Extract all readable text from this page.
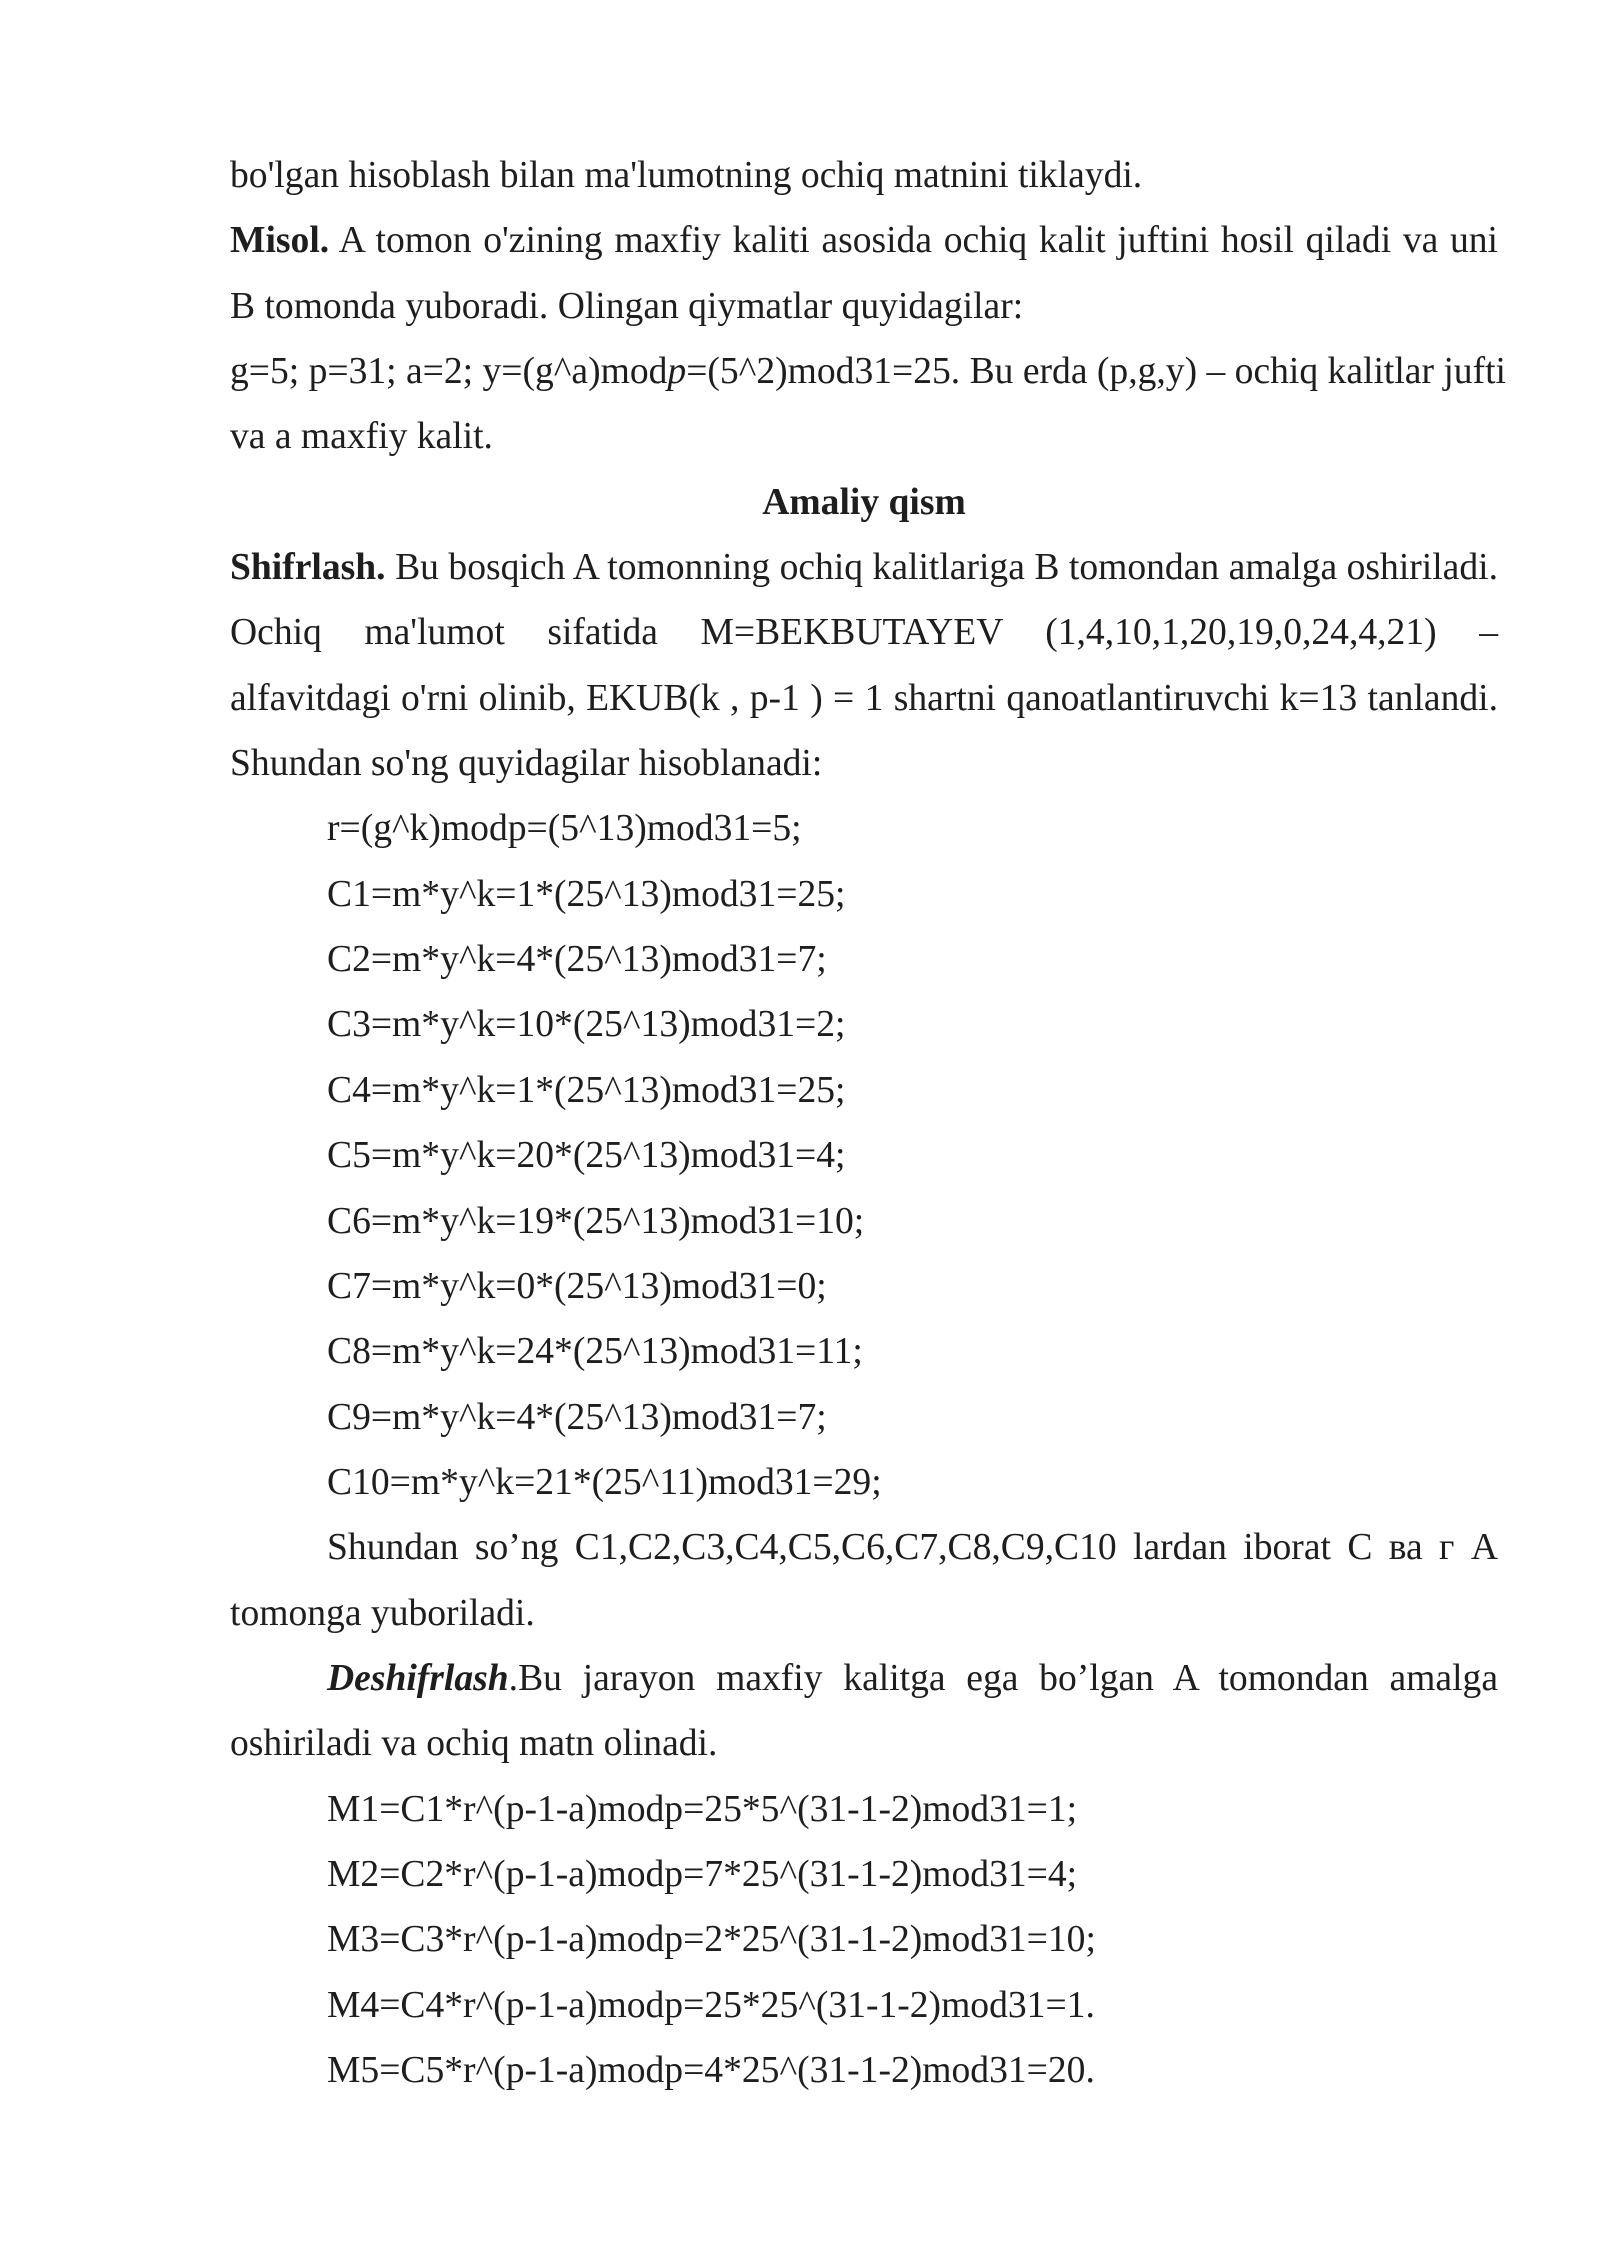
bo'lgan hisoblash bilan ma'lumotning ochiq matnini tiklaydi.
Misol. A tomon o'zining maxfiy kaliti asosida ochiq kalit juftini hosil qiladi va uni
B tomonda yuboradi. Olingan qiymatlar quyidagilar:
g=5; p=31; a=2; y=(g^a)modp=(5^2)mod31=25. Bu erda (p,g,y) – ochiq kalitlar jufti
va a maxfiy kalit.
Amaliy qism
Shifrlash. Bu bosqich A tomonning ochiq kalitlariga B tomondan amalga oshiriladi.
Ochiq ma'lumot sifatida M=BEKBUTAYEV (1,4,10,1,20,19,0,24,4,21) –
alfavitdagi o'rni olinib, EKUB(k , p-1 ) = 1 shartni qanoatlantiruvchi k=13 tanlandi.
Shundan so'ng quyidagilar hisoblanadi:
r=(g^k)modp=(5^13)mod31=5;
C1=m*y^k=1*(25^13)mod31=25;
C2=m*y^k=4*(25^13)mod31=7;
C3=m*y^k=10*(25^13)mod31=2;
C4=m*y^k=1*(25^13)mod31=25;
C5=m*y^k=20*(25^13)mod31=4;
C6=m*y^k=19*(25^13)mod31=10;
C7=m*y^k=0*(25^13)mod31=0;
C8=m*y^k=24*(25^13)mod31=11;
C9=m*y^k=4*(25^13)mod31=7;
C10=m*y^k=21*(25^11)mod31=29;
Shundan so’ng C1,C2,C3,C4,C5,C6,C7,C8,C9,C10 lardan iborat C ва г A
tomonga yuboriladi.
Deshifrlash.Bu jarayon maxfiy kalitga ega bo’lgan A tomondan amalga
oshiriladi va ochiq matn olinadi.
M1=C1*r^(p-1-a)modp=25*5^(31-1-2)mod31=1;
M2=C2*r^(p-1-a)modp=7*25^(31-1-2)mod31=4;
M3=C3*r^(p-1-a)modp=2*25^(31-1-2)mod31=10;
M4=C4*r^(p-1-a)modp=25*25^(31-1-2)mod31=1.
M5=C5*r^(p-1-a)modp=4*25^(31-1-2)mod31=20.
